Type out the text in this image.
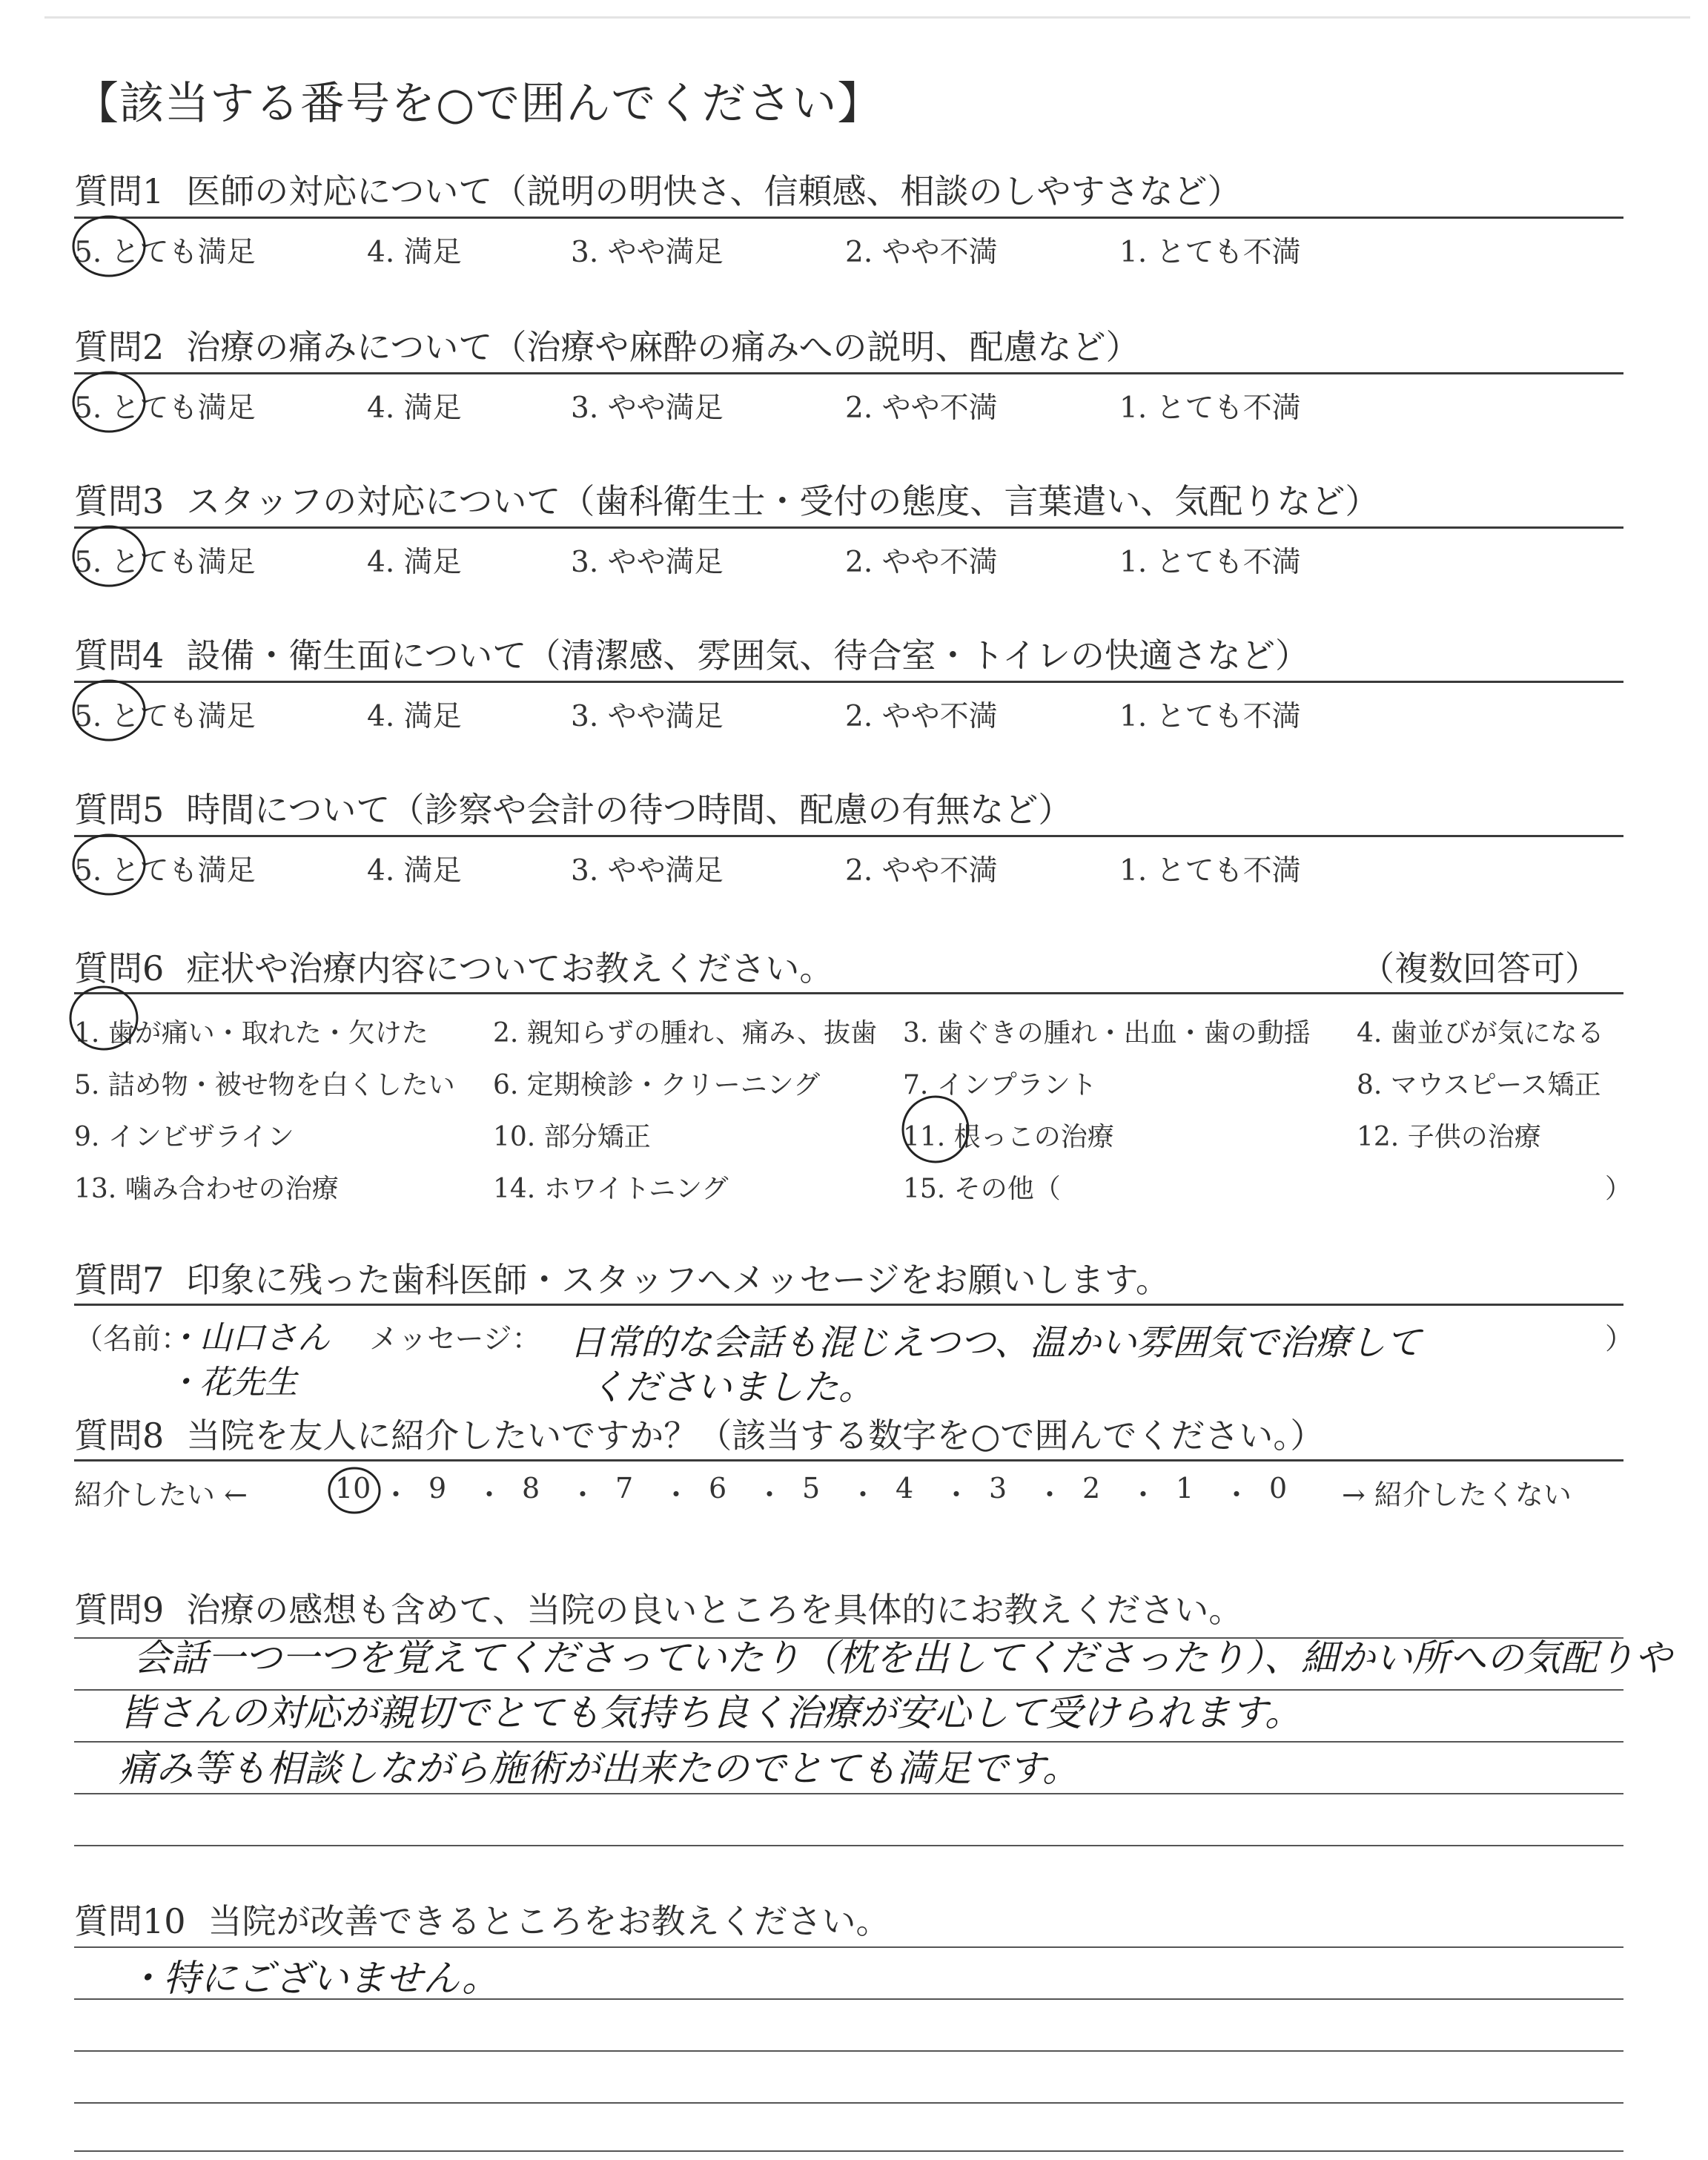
【該当する番号を○で囲んでください】
質問1 医師の対応について（説明の明快さ、信頼感、相談のしやすさなど）
5. とても満足	4. 満足	3. やや満足	2. やや不満	1. とても不満
質問2 治療の痛みについて（治療や麻酔の痛みへの説明、配慮など）
5. とても満足	4. 満足	3. やや満足	2. やや不満	1. とても不満
質問3 スタッフの対応について（歯科衛生士・受付の態度、言葉遣い、気配りなど）
5. とても満足	4. 満足	3. やや満足	2. やや不満	1. とても不満
質問4 設備・衛生面について（清潔感、雰囲気、待合室・トイレの快適さなど）
5. とても満足	4. 満足	3. やや満足	2. やや不満	1. とても不満
質問5 時間について（診察や会計の待つ時間、配慮の有無など）
5. とても満足	4. 満足	3. やや満足	2. やや不満	1. とても不満
質問6 症状や治療内容についてお教えください。	（複数回答可）
1. 歯が痛い・取れた・欠けた 2. 親知らずの腫れ、痛み、抜歯 3. 歯ぐきの腫れ・出血・歯の動揺 4. 歯並びが気になる
5. 詰め物・被せ物を白くしたい 6. 定期検診・クリーニング	7. インプラント	8. マウスピース矯正
9. インビザライン	10. 部分矯正	11. 根っこの治療	12. 子供の治療
13. 噛み合わせの治療	14. ホワイトニング	15. その他（	）
質問7 印象に残った歯科医師・スタッフへメッセージをお願いします。
（名前：
・山口さん
・花先生
メッセージ： 日常的な会話も混じえつつ、温かい雰囲気で治療して
くださいました。
）
質問8 当院を友人に紹介したいですか？（該当する数字を○で囲んでください。）
紹介したい ←	10 ・ 9 ・ 8 ・ 7 ・ 6 ・ 5 ・ 4 ・ 3 ・ 2 ・ 1 ・ 0 → 紹介したくない
質問9 治療の感想も含めて、当院の良いところを具体的にお教えください。
会話一つ一つを覚えてくださっていたり（枕を出してくださったり）、細かい所への気配りや
皆さんの対応が親切でとても気持ち良く治療が安心して受けられます。
痛み等も相談しながら施術が出来たのでとても満足です。
質問10 当院が改善できるところをお教えください。
・特にございません。
